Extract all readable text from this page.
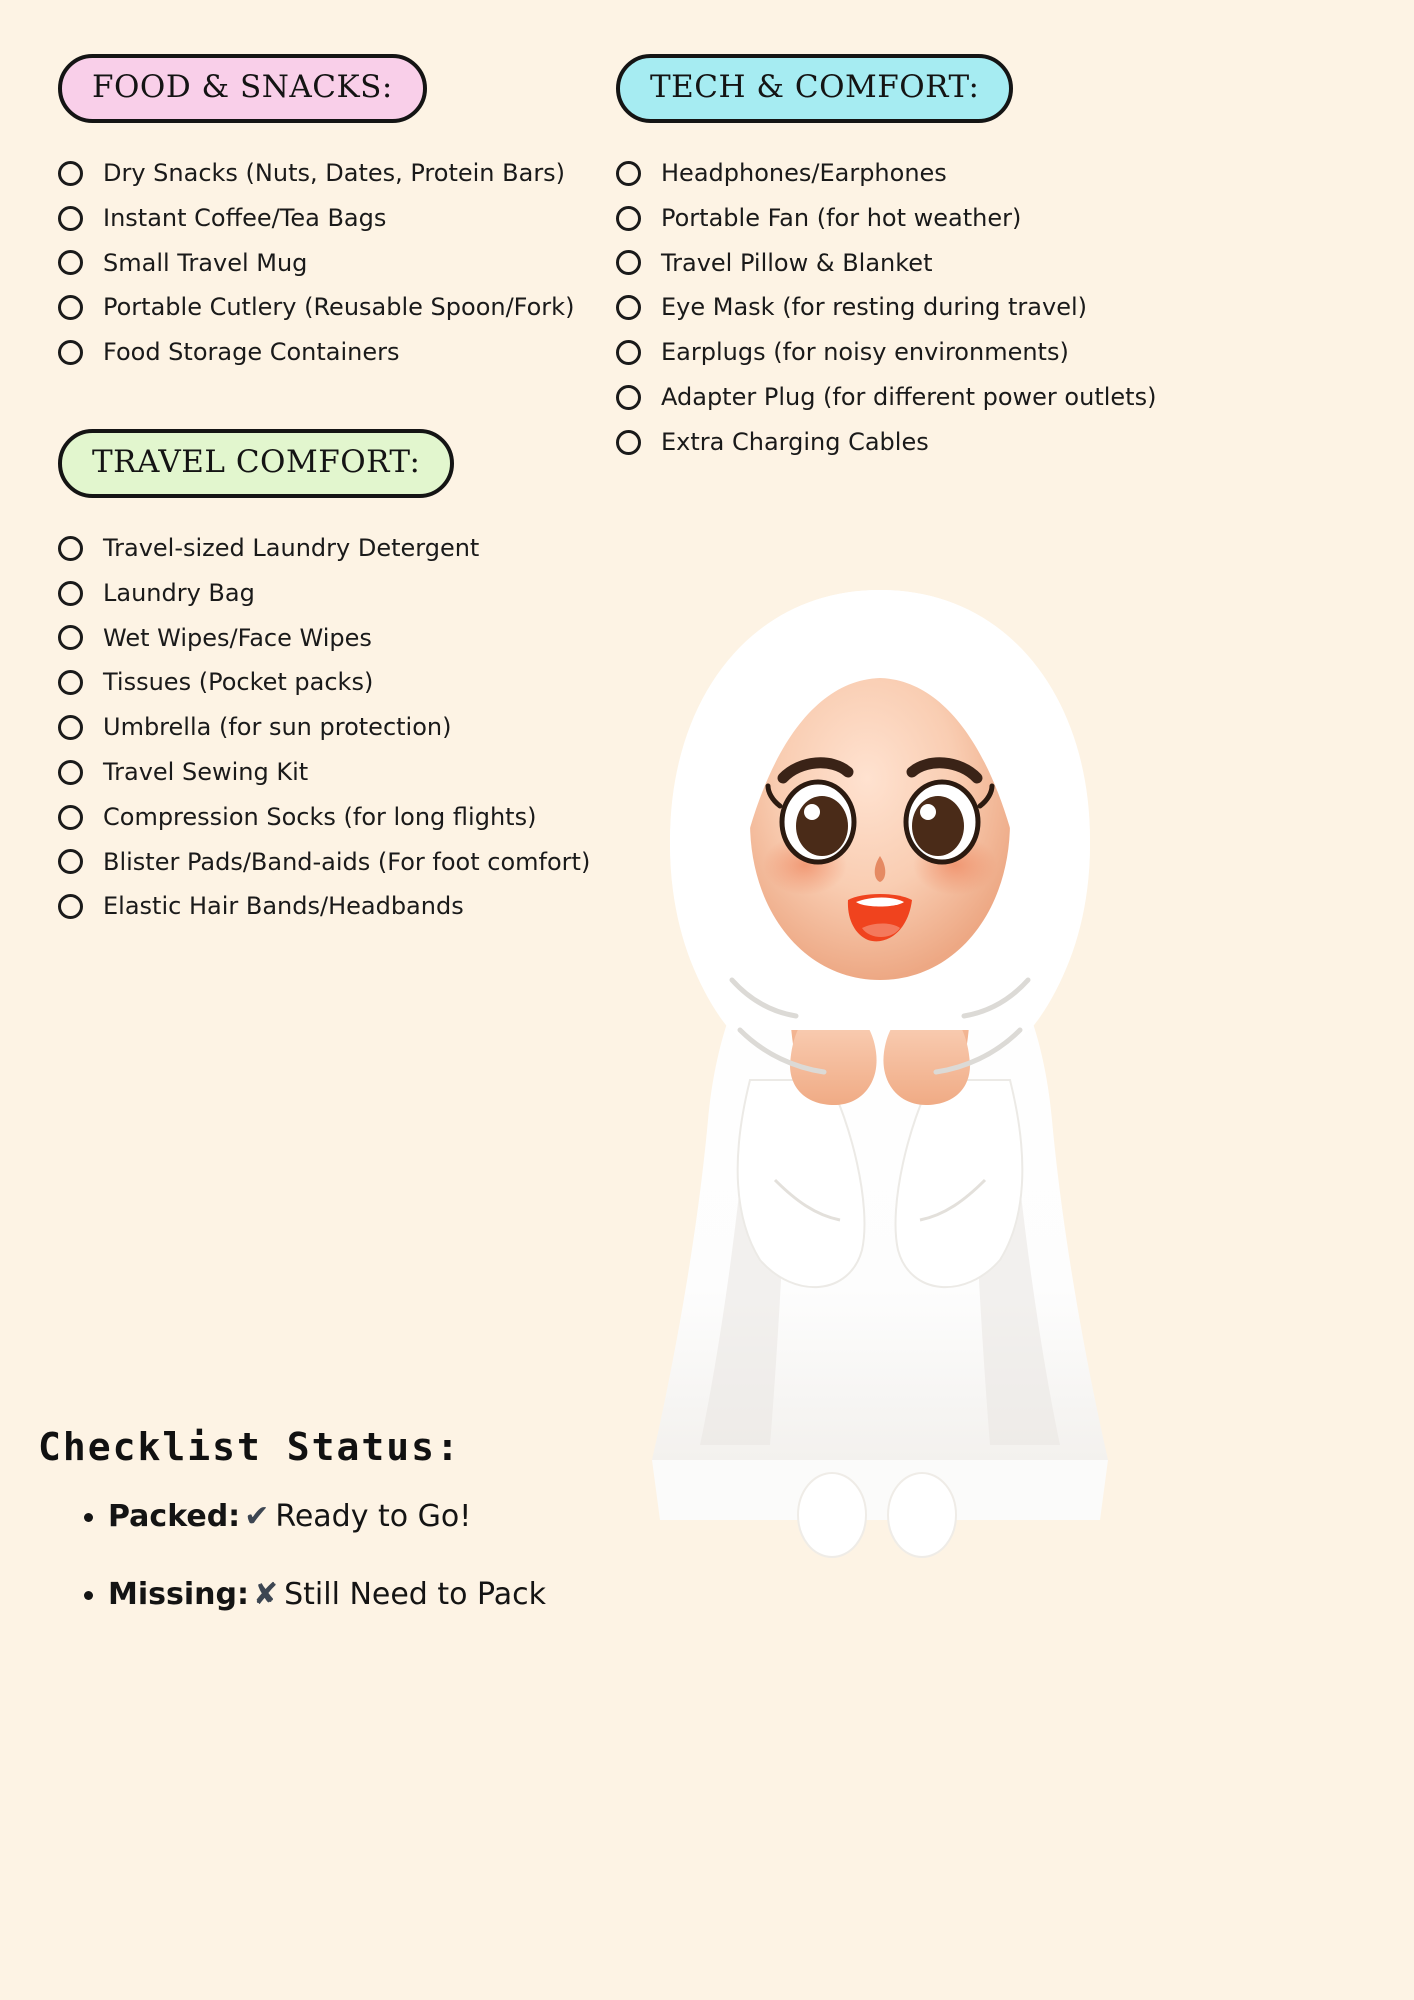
FOOD & SNACKS:
Dry Snacks (Nuts, Dates, Protein Bars)
Instant Coffee/Tea Bags
Small Travel Mug
Portable Cutlery (Reusable Spoon/Fork)
Food Storage Containers
TRAVEL COMFORT:
Travel-sized Laundry Detergent
Laundry Bag
Wet Wipes/Face Wipes
Tissues (Pocket packs)
Umbrella (for sun protection)
Travel Sewing Kit
Compression Socks (for long flights)
Blister Pads/Band-aids (For foot comfort)
Elastic Hair Bands/Headbands
TECH & COMFORT:
Headphones/Earphones
Portable Fan (for hot weather)
Travel Pillow & Blanket
Eye Mask (for resting during travel)
Earplugs (for noisy environments)
Adapter Plug (for different power outlets)
Extra Charging Cables
Checklist Status:
• Packed: ✔ Ready to Go!
• Missing: ✘ Still Need to Pack
